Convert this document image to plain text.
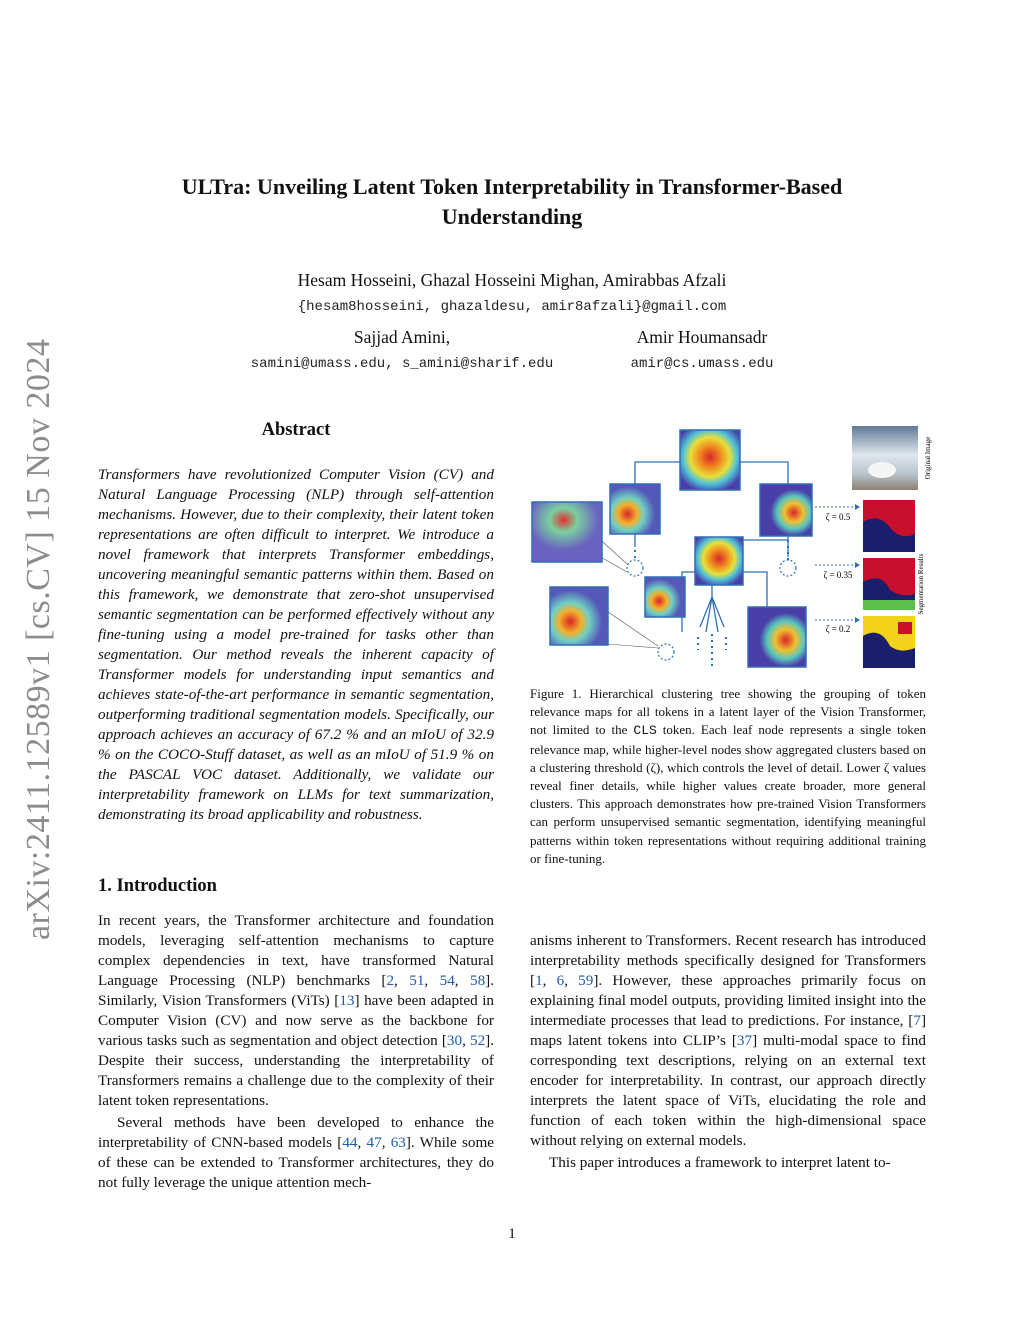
arXiv:2411.12589v1 [cs.CV] 15 Nov 2024
ULTra: Unveiling Latent Token Interpretability in Transformer-Based
Understanding
Hesam Hosseini, Ghazal Hosseini Mighan, Amirabbas Afzali
{hesam8hosseini, ghazaldesu, amir8afzali}@gmail.com
Sajjad Amini,
samini@umass.edu, s_amini@sharif.edu
Amir Houmansadr
amir@cs.umass.edu
Abstract
Transformers have revolutionized Computer Vision (CV) and Natural Language Processing (NLP) through self-attention mechanisms. However, due to their complexity, their latent token representations are often difficult to interpret. We introduce a novel framework that interprets Transformer embeddings, uncovering meaningful semantic patterns within them. Based on this framework, we demonstrate that zero-shot unsupervised semantic segmentation can be performed effectively without any fine-tuning using a model pre-trained for tasks other than segmentation. Our method reveals the inherent capacity of Transformer models for understanding input semantics and achieves state-of-the-art performance in semantic segmentation, outperforming traditional segmentation models. Specifically, our approach achieves an accuracy of 67.2 % and an mIoU of 32.9 % on the COCO-Stuff dataset, as well as an mIoU of 51.9 % on the PASCAL VOC dataset. Additionally, we validate our interpretability framework on LLMs for text summarization, demonstrating its broad applicability and robustness.
1. Introduction

In recent years, the Transformer architecture and foundation models, leveraging self-attention mechanisms to capture complex dependencies in text, have transformed Natural Language Processing (NLP) benchmarks [2, 51, 54, 58]. Similarly, Vision Transformers (ViTs) [13] have been adapted in Computer Vision (CV) and now serve as the backbone for various tasks such as segmentation and object detection [30, 52]. Despite their success, understanding the interpretability of Transformers remains a challenge due to the complexity of their latent token representations.

Several methods have been developed to enhance the interpretability of CNN-based models [44, 47, 63]. While some of these can be extended to Transformer architectures, they do not fully leverage the unique attention mech-

anisms inherent to Transformers. Recent research has introduced interpretability methods specifically designed for Transformers [1, 6, 59]. However, these approaches primarily focus on explaining final model outputs, providing limited insight into the intermediate processes that lead to predictions. For instance, [7] maps latent tokens into CLIP’s [37] multi-modal space to find corresponding text descriptions, relying on an external text encoder for interpretability. In contrast, our approach directly interprets the latent space of ViTs, elucidating the role and function of each token within the high-dimensional space without relying on external models.

This paper introduces a framework to interpret latent to-

Original Image
ζ = 0.5
ζ = 0.35
ζ = 0.2
Segmentation Results
Figure 1. Hierarchical clustering tree showing the grouping of token relevance maps for all tokens in a latent layer of the Vision Transformer, not limited to the CLS token. Each leaf node represents a single token relevance map, while higher-level nodes show aggregated clusters based on a clustering threshold (ζ), which controls the level of detail. Lower ζ values reveal finer details, while higher values create broader, more general clusters. This approach demonstrates how pre-trained Vision Transformers can perform unsupervised semantic segmentation, identifying meaningful patterns within token representations without requiring additional training or fine-tuning.
1
